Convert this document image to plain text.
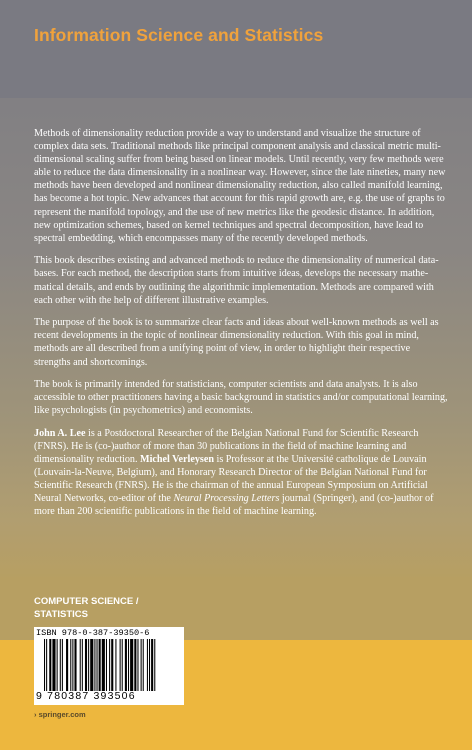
Information Science and Statistics

Methods of dimensionality reduction provide a way to understand and visualize the structure of complex data sets. Traditional methods like principal component analysis and classical metric multi-dimensional scaling suffer from being based on linear models. Until recently, very few methods were able to reduce the data dimensionality in a nonlinear way. However, since the late nineties, many new methods have been developed and nonlinear dimensionality reduction, also called manifold learning, has become a hot topic. New advances that account for this rapid growth are, e.g. the use of graphs to represent the manifold topology, and the use of new metrics like the geodesic distance. In addition, new optimization schemes, based on kernel techniques and spectral decomposition, have lead to spectral embedding, which encompasses many of the recently developed methods.

This book describes existing and advanced methods to reduce the dimensionality of numerical data-bases. For each method, the description starts from intuitive ideas, develops the necessary mathe-matical details, and ends by outlining the algorithmic implementation. Methods are compared with each other with the help of different illustrative examples.

The purpose of the book is to summarize clear facts and ideas about well-known methods as well as recent developments in the topic of nonlinear dimensionality reduction. With this goal in mind, methods are all described from a unifying point of view, in order to highlight their respective strengths and shortcomings.

The book is primarily intended for statisticians, computer scientists and data analysts. It is also accessible to other practitioners having a basic background in statistics and/or computational learning, like psychologists (in psychometrics) and economists.

John A. Lee is a Postdoctoral Researcher of the Belgian National Fund for Scientific Research (FNRS). He is (co-)author of more than 30 publications in the field of machine learning and dimensionality reduction. Michel Verleysen is Professor at the Université catholique de Louvain (Louvain-la-Neuve, Belgium), and Honorary Research Director of the Belgian National Fund for Scientific Research (FNRS). He is the chairman of the annual European Symposium on Artificial Neural Networks, co-editor of the Neural Processing Letters journal (Springer), and (co-)author of more than 200 scientific publications in the field of machine learning.

COMPUTER SCIENCE /
STATISTICS
ISBN 978-0-387-39350-6
9 780387 393506
› springer.com
